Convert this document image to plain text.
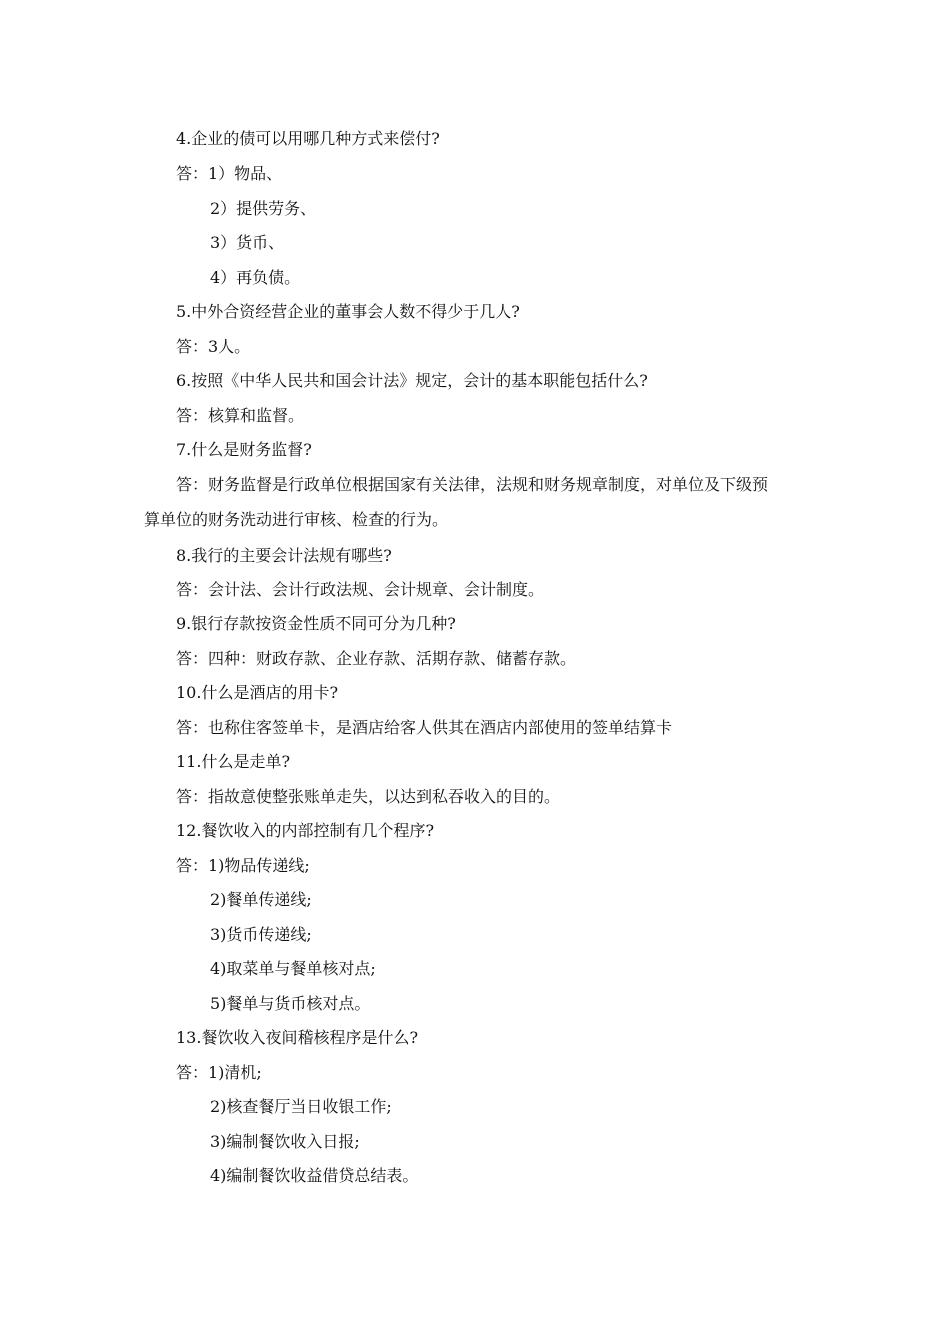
4.企业的债可以用哪几种方式来偿付?
答：1）物品、
2）提供劳务、
3）货币、
4）再负债。
5.中外合资经营企业的董事会人数不得少于几人?
答：3人。
6.按照《中华人民共和国会计法》规定，会计的基本职能包括什么?
答：核算和监督。
7.什么是财务监督?
答：财务监督是行政单位根据国家有关法律，法规和财务规章制度，对单位及下级预
算单位的财务洗动进行审核、检查的行为。
8.我行的主要会计法规有哪些?
答：会计法、会计行政法规、会计规章、会计制度。
9.银行存款按资金性质不同可分为几种?
答：四种：财政存款、企业存款、活期存款、储蓄存款。
10.什么是酒店的用卡?
答：也称住客签单卡，是酒店给客人供其在酒店内部使用的签单结算卡
11.什么是走单?
答：指故意使整张账单走失，以达到私吞收入的目的。
12.餐饮收入的内部控制有几个程序?
答：1)物品传递线;
2)餐单传递线;
3)货币传递线;
4)取菜单与餐单核对点;
5)餐单与货币核对点。
13.餐饮收入夜间稽核程序是什么?
答：1)清机;
2)核查餐厅当日收银工作;
3)编制餐饮收入日报;
4)编制餐饮收益借贷总结表。
